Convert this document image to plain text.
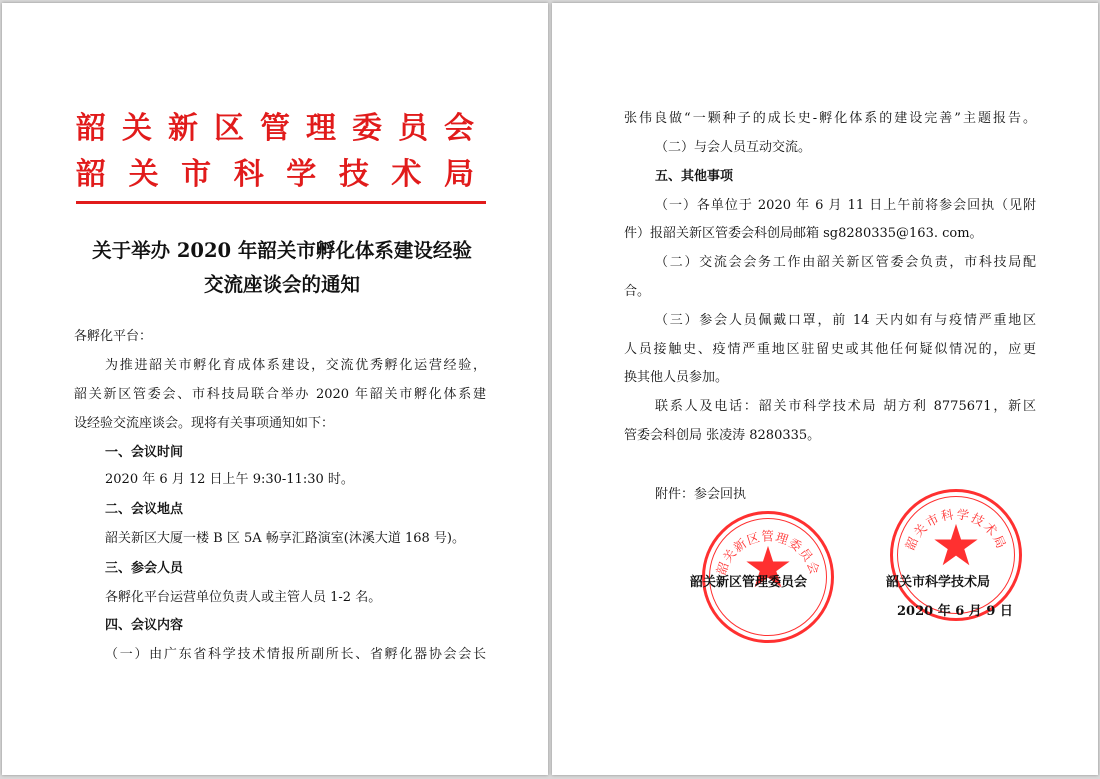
韶关新区管理委员会
韶关市科学技术局
关于举办 2020 年韶关市孵化体系建设经验
交流座谈会的通知
各孵化平台：
为推进韶关市孵化育成体系建设，交流优秀孵化运营经验，
韶关新区管委会、市科技局联合举办 2020 年韶关市孵化体系建
设经验交流座谈会。现将有关事项通知如下：
一、会议时间
2020 年 6 月 12 日上午 9:30-11:30 时。
二、会议地点
韶关新区大厦一楼 B 区 5A 畅享汇路演室(沐溪大道 168 号)。
三、参会人员
各孵化平台运营单位负责人或主管人员 1-2 名。
四、会议内容
（一）由广东省科学技术情报所副所长、省孵化器协会会长
张伟良做“一颗种子的成长史-孵化体系的建设完善”主题报告。
（二）与会人员互动交流。
五、其他事项
（一）各单位于 2020 年 6 月 11 日上午前将参会回执（见附
件）报韶关新区管委会科创局邮箱 sg8280335@163. com。
（二）交流会会务工作由韶关新区管委会负责，市科技局配
合。
（三）参会人员佩戴口罩，前 14 天内如有与疫情严重地区
人员接触史、疫情严重地区驻留史或其他任何疑似情况的，应更
换其他人员参加。
联系人及电话：韶关市科学技术局 胡方利 8775671，新区
管委会科创局 张凌涛 8280335。
附件：参会回执
韶关新区管理委员会
韶关新区管理委员会
韶关市科学技术局
韶关市科学技术局
2020 年 6 月 9 日
